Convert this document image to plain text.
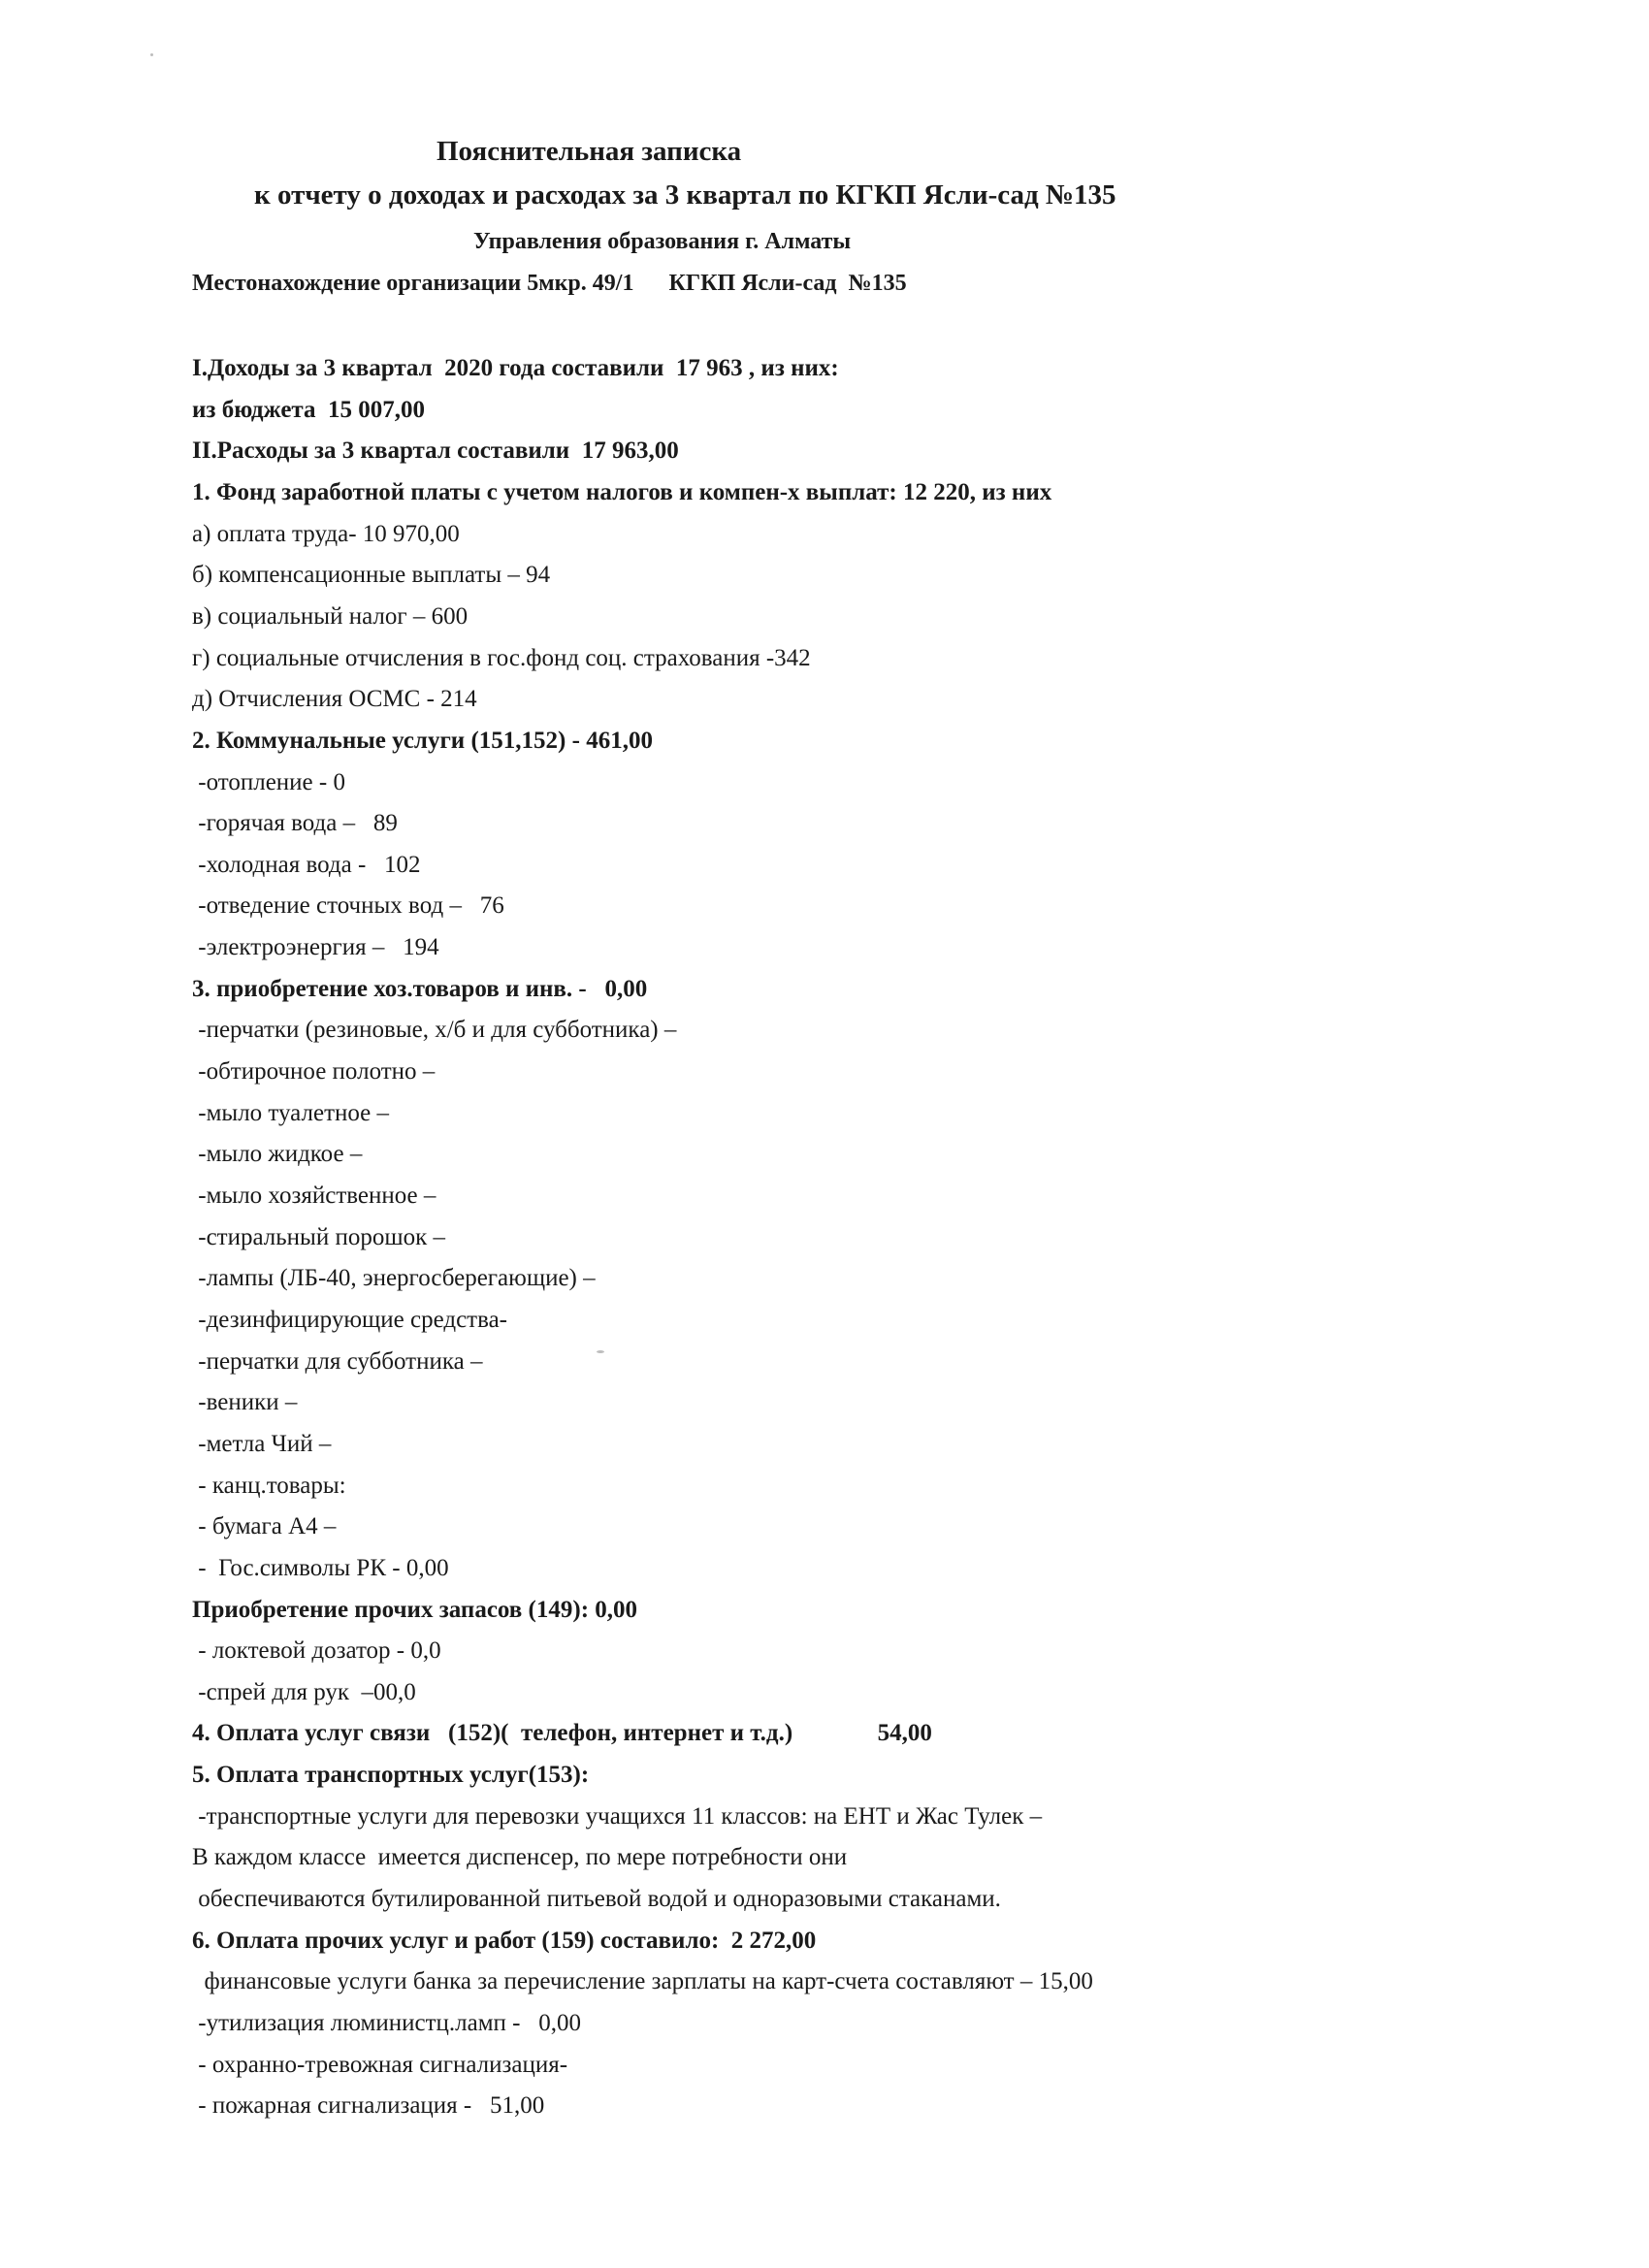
Пояснительная записка
к отчету о доходах и расходах за 3 квартал по КГКП Ясли-сад №135
Управления образования г. Алматы
Местонахождение организации 5мкр. 49/1      КГКП Ясли-сад  №135
I.Доходы за 3 квартал  2020 года составили  17 963 , из них:
из бюджета  15 007,00
II.Расходы за 3 квартал составили  17 963,00
1. Фонд заработной платы с учетом налогов и компен-х выплат: 12 220, из них
а) оплата труда- 10 970,00
б) компенсационные выплаты – 94
в) социальный налог – 600
г) социальные отчисления в гос.фонд соц. страхования -342
д) Отчисления ОСМС - 214
2. Коммунальные услуги (151,152) - 461,00
-отопление - 0
-горячая вода –   89
-холодная вода -   102
-отведение сточных вод –   76
-электроэнергия –   194
3. приобретение хоз.товаров и инв. -   0,00
-перчатки (резиновые, х/б и для субботника) –
-обтирочное полотно –
-мыло туалетное –
-мыло жидкое –
-мыло хозяйственное –
-стиральный порошок –
-лампы (ЛБ-40, энергосберегающие) –
-дезинфицирующие средства-
-перчатки для субботника –
-веники –
-метла Чий –
- канц.товары:
- бумага А4 –
-  Гос.символы РК - 0,00
Приобретение прочих запасов (149): 0,00
- локтевой дозатор - 0,0
-спрей для рук  –00,0
4. Оплата услуг связи   (152)(  телефон, интернет и т.д.)              54,00
5. Оплата транспортных услуг(153):
-транспортные услуги для перевозки учащихся 11 классов: на ЕНТ и Жас Тулек –
В каждом классе  имеется диспенсер, по мере потребности они
обеспечиваются бутилированной питьевой водой и одноразовыми стаканами.
6. Оплата прочих услуг и работ (159) составило:  2 272,00
финансовые услуги банка за перечисление зарплаты на карт-счета составляют – 15,00
-утилизация люминистц.ламп -   0,00
- охранно-тревожная сигнализация-
- пожарная сигнализация -   51,00
